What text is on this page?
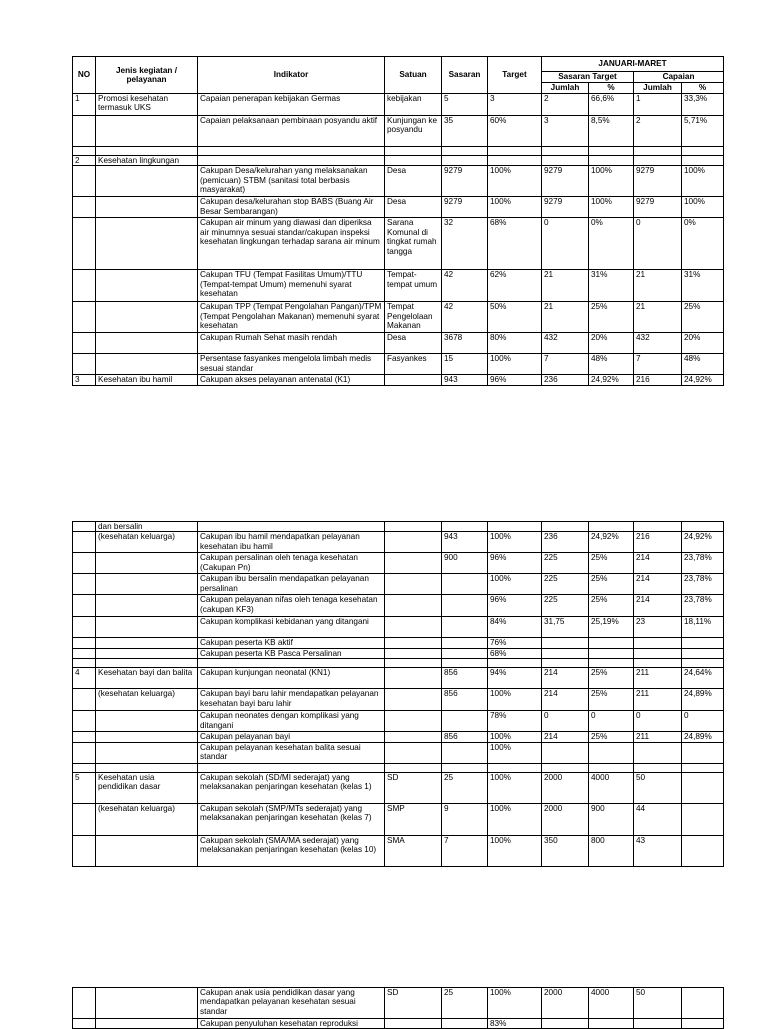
NO	Jenis kegiatan / pelayanan	Indikator	Satuan	Sasaran	Target	JANUARI-MARET			
						Sasaran Target		Capaian	
						Jumlah	%	Jumlah	%
1	Promosi kesehatan termasuk UKS	Capaian penerapan kebijakan Germas	kebijakan	5	3	2	66,6%	1	33,3%
		Capaian pelaksanaan pembinaan posyandu aktif	Kunjungan ke posyandu	35	60%	3	8,5%	2	5,71%

2	Kesehatan lingkungan								
		Cakupan Desa/kelurahan yang melaksanakan (pemicuan) STBM (sanitasi total berbasis masyarakat)	Desa	9279	100%	9279	100%	9279	100%
		Cakupan desa/kelurahan stop BABS (Buang Air Besar Sembarangan)	Desa	9279	100%	9279	100%	9279	100%
		Cakupan air minum yang diawasi dan diperiksa air minumnya sesuai standar/cakupan inspeksi kesehatan lingkungan terhadap sarana air minum	Sarana Komunal di tingkat rumah tangga	32	68%	0	0%	0	0%
		Cakupan TFU (Tempat Fasilitas Umum)/TTU (Tempat-tempat Umum) memenuhi syarat kesehatan	Tempat-tempat umum	42	62%	21	31%	21	31%
		Cakupan TPP (Tempat Pengolahan Pangan)/TPM (Tempat Pengolahan Makanan) memenuhi syarat kesehatan	Tempat Pengelolaan Makanan	42	50%	21	25%	21	25%
		Cakupan Rumah Sehat masih rendah	Desa	3678	80%	432	20%	432	20%
		Persentase fasyankes mengelola limbah medis sesuai standar	Fasyankes	15	100%	7	48%	7	48%
3	Kesehatan ibu hamil	Cakupan akses pelayanan antenatal (K1)		943	96%	236	24,92%	216	24,92%
	dan bersalin								
	(kesehatan keluarga)	Cakupan ibu hamil mendapatkan pelayanan kesehatan ibu hamil		943	100%	236	24,92%	216	24,92%
		Cakupan persalinan oleh tenaga kesehatan (Cakupan Pn)		900	96%	225	25%	214	23,78%
		Cakupan ibu bersalin mendapatkan pelayanan persalinan			100%	225	25%	214	23,78%
		Cakupan pelayanan nifas oleh tenaga kesehatan (cakupan KF3)			96%	225	25%	214	23,78%
		Cakupan komplikasi kebidanan yang ditangani			84%	31,75	25,19%	23	18,11%
		Cakupan peserta KB aktif			76%				
		Cakupan peserta KB Pasca Persalinan			68%				

4	Kesehatan bayi dan balita	Cakupan kunjungan neonatal (KN1)		856	94%	214	25%	211	24,64%
	(kesehatan keluarga)	Cakupan bayi baru lahir mendapatkan pelayanan kesehatan bayi baru lahir		856	100%	214	25%	211	24,89%
		Cakupan neonates dengan komplikasi yang ditangani			78%	0	0	0	0
		Cakupan pelayanan bayi		856	100%	214	25%	211	24,89%
		Cakupan pelayanan kesehatan balita sesuai standar			100%				

5	Kesehatan usia pendidikan dasar	Cakupan sekolah (SD/MI sederajat) yang melaksanakan penjaringan kesehatan (kelas 1)	SD	25	100%	2000	4000	50	
	(kesehatan keluarga)	Cakupan sekolah (SMP/MTs sederajat) yang melaksanakan penjaringan kesehatan (kelas 7)	SMP	9	100%	2000	900	44	
		Cakupan sekolah (SMA/MA sederajat) yang melaksanakan penjaringan kesehatan (kelas 10)	SMA	7	100%	350	800	43	
		Cakupan anak usia pendidikan dasar yang mendapatkan pelayanan kesehatan sesuai standar	SD	25	100%	2000	4000	50	
		Cakupan penyuluhan kesehatan reproduksi			83%				
